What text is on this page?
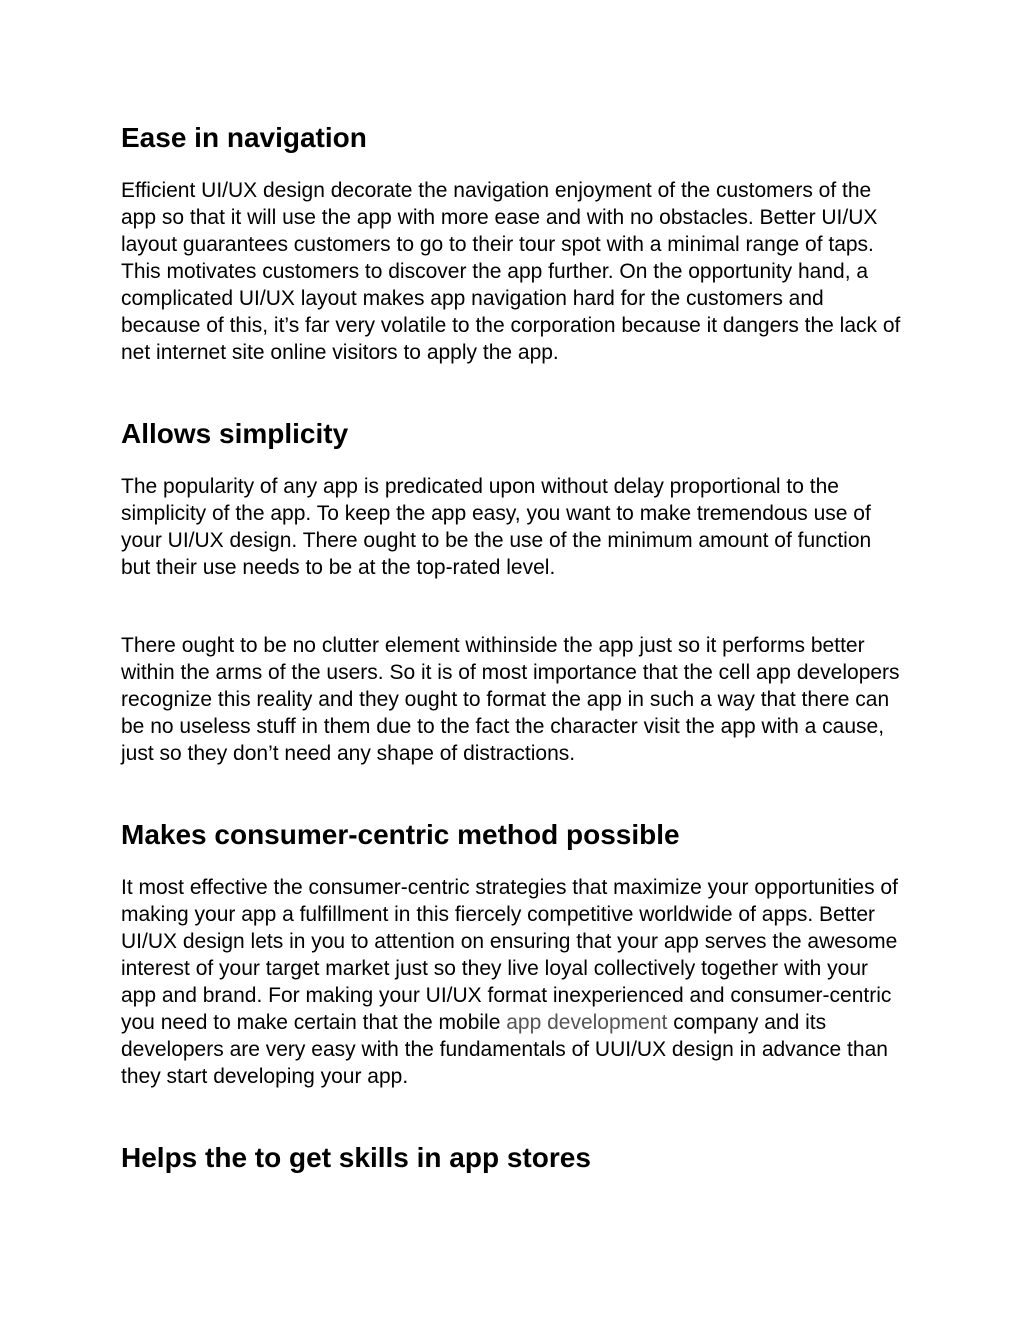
Ease in navigation

Efficient UI/UX design decorate the navigation enjoyment of the customers of the app so that it will use the app with more ease and with no obstacles. Better UI/UX layout guarantees customers to go to their tour spot with a minimal range of taps. This motivates customers to discover the app further. On the opportunity hand, a complicated UI/UX layout makes app navigation hard for the customers and because of this, it’s far very volatile to the corporation because it dangers the lack of net internet site online visitors to apply the app.

Allows simplicity

The popularity of any app is predicated upon without delay proportional to the simplicity of the app. To keep the app easy, you want to make tremendous use of your UI/UX design. There ought to be the use of the minimum amount of function but their use needs to be at the top-rated level.

There ought to be no clutter element withinside the app just so it performs better within the arms of the users. So it is of most importance that the cell app developers recognize this reality and they ought to format the app in such a way that there can be no useless stuff in them due to the fact the character visit the app with a cause, just so they don’t need any shape of distractions.

Makes consumer-centric method possible

It most effective the consumer-centric strategies that maximize your opportunities of making your app a fulfillment in this fiercely competitive worldwide of apps. Better UI/UX design lets in you to attention on ensuring that your app serves the awesome interest of your target market just so they live loyal collectively together with your app and brand. For making your UI/UX format inexperienced and consumer-centric you need to make certain that the mobile app development company and its developers are very easy with the fundamentals of UUI/UX design in advance than they start developing your app.

Helps the to get skills in app stores
